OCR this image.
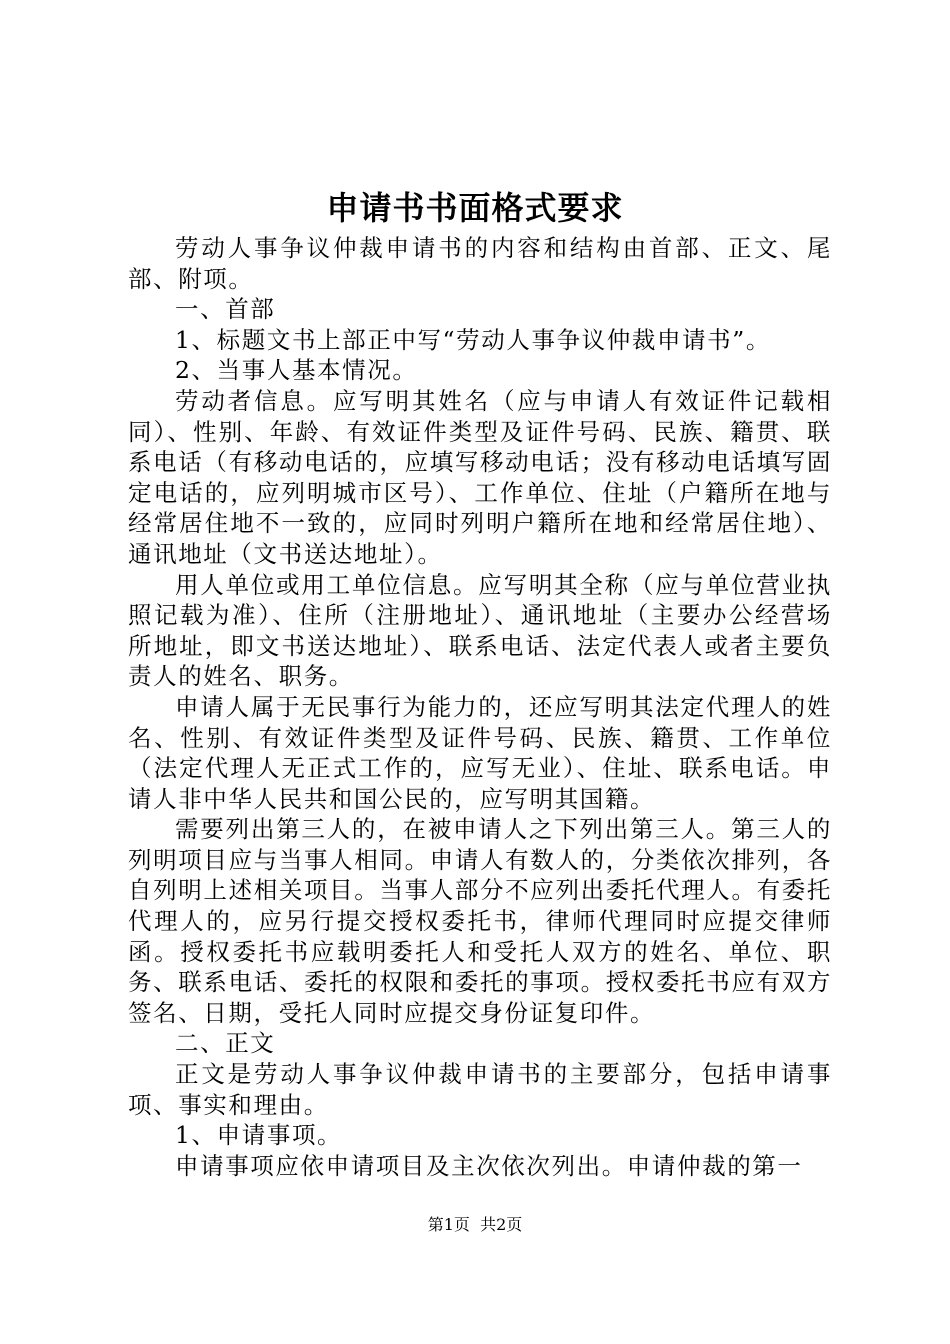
申请书书面格式要求

劳动人事争议仲裁申请书的内容和结构由首部、正文、尾部、附项。

一、首部

1、标题文书上部正中写“劳动人事争议仲裁申请书”。

2、当事人基本情况。

劳动者信息。应写明其姓名（应与申请人有效证件记载相同）、性别、年龄、有效证件类型及证件号码、民族、籍贯、联系电话（有移动电话的，应填写移动电话；没有移动电话填写固定电话的，应列明城市区号）、工作单位、住址（户籍所在地与经常居住地不一致的，应同时列明户籍所在地和经常居住地）、通讯地址（文书送达地址）。

用人单位或用工单位信息。应写明其全称（应与单位营业执照记载为准）、住所（注册地址）、通讯地址（主要办公经营场所地址，即文书送达地址）、联系电话、法定代表人或者主要负责人的姓名、职务。

申请人属于无民事行为能力的，还应写明其法定代理人的姓名、性别、有效证件类型及证件号码、民族、籍贯、工作单位（法定代理人无正式工作的，应写无业）、住址、联系电话。申请人非中华人民共和国公民的，应写明其国籍。

需要列出第三人的，在被申请人之下列出第三人。第三人的列明项目应与当事人相同。申请人有数人的，分类依次排列，各自列明上述相关项目。当事人部分不应列出委托代理人。有委托代理人的，应另行提交授权委托书，律师代理同时应提交律师函。授权委托书应载明委托人和受托人双方的姓名、单位、职务、联系电话、委托的权限和委托的事项。授权委托书应有双方签名、日期，受托人同时应提交身份证复印件。

二、正文

正文是劳动人事争议仲裁申请书的主要部分，包括申请事项、事实和理由。

1、申请事项。

申请事项应依申请项目及主次依次列出。申请仲裁的第一

第1页  共2页
